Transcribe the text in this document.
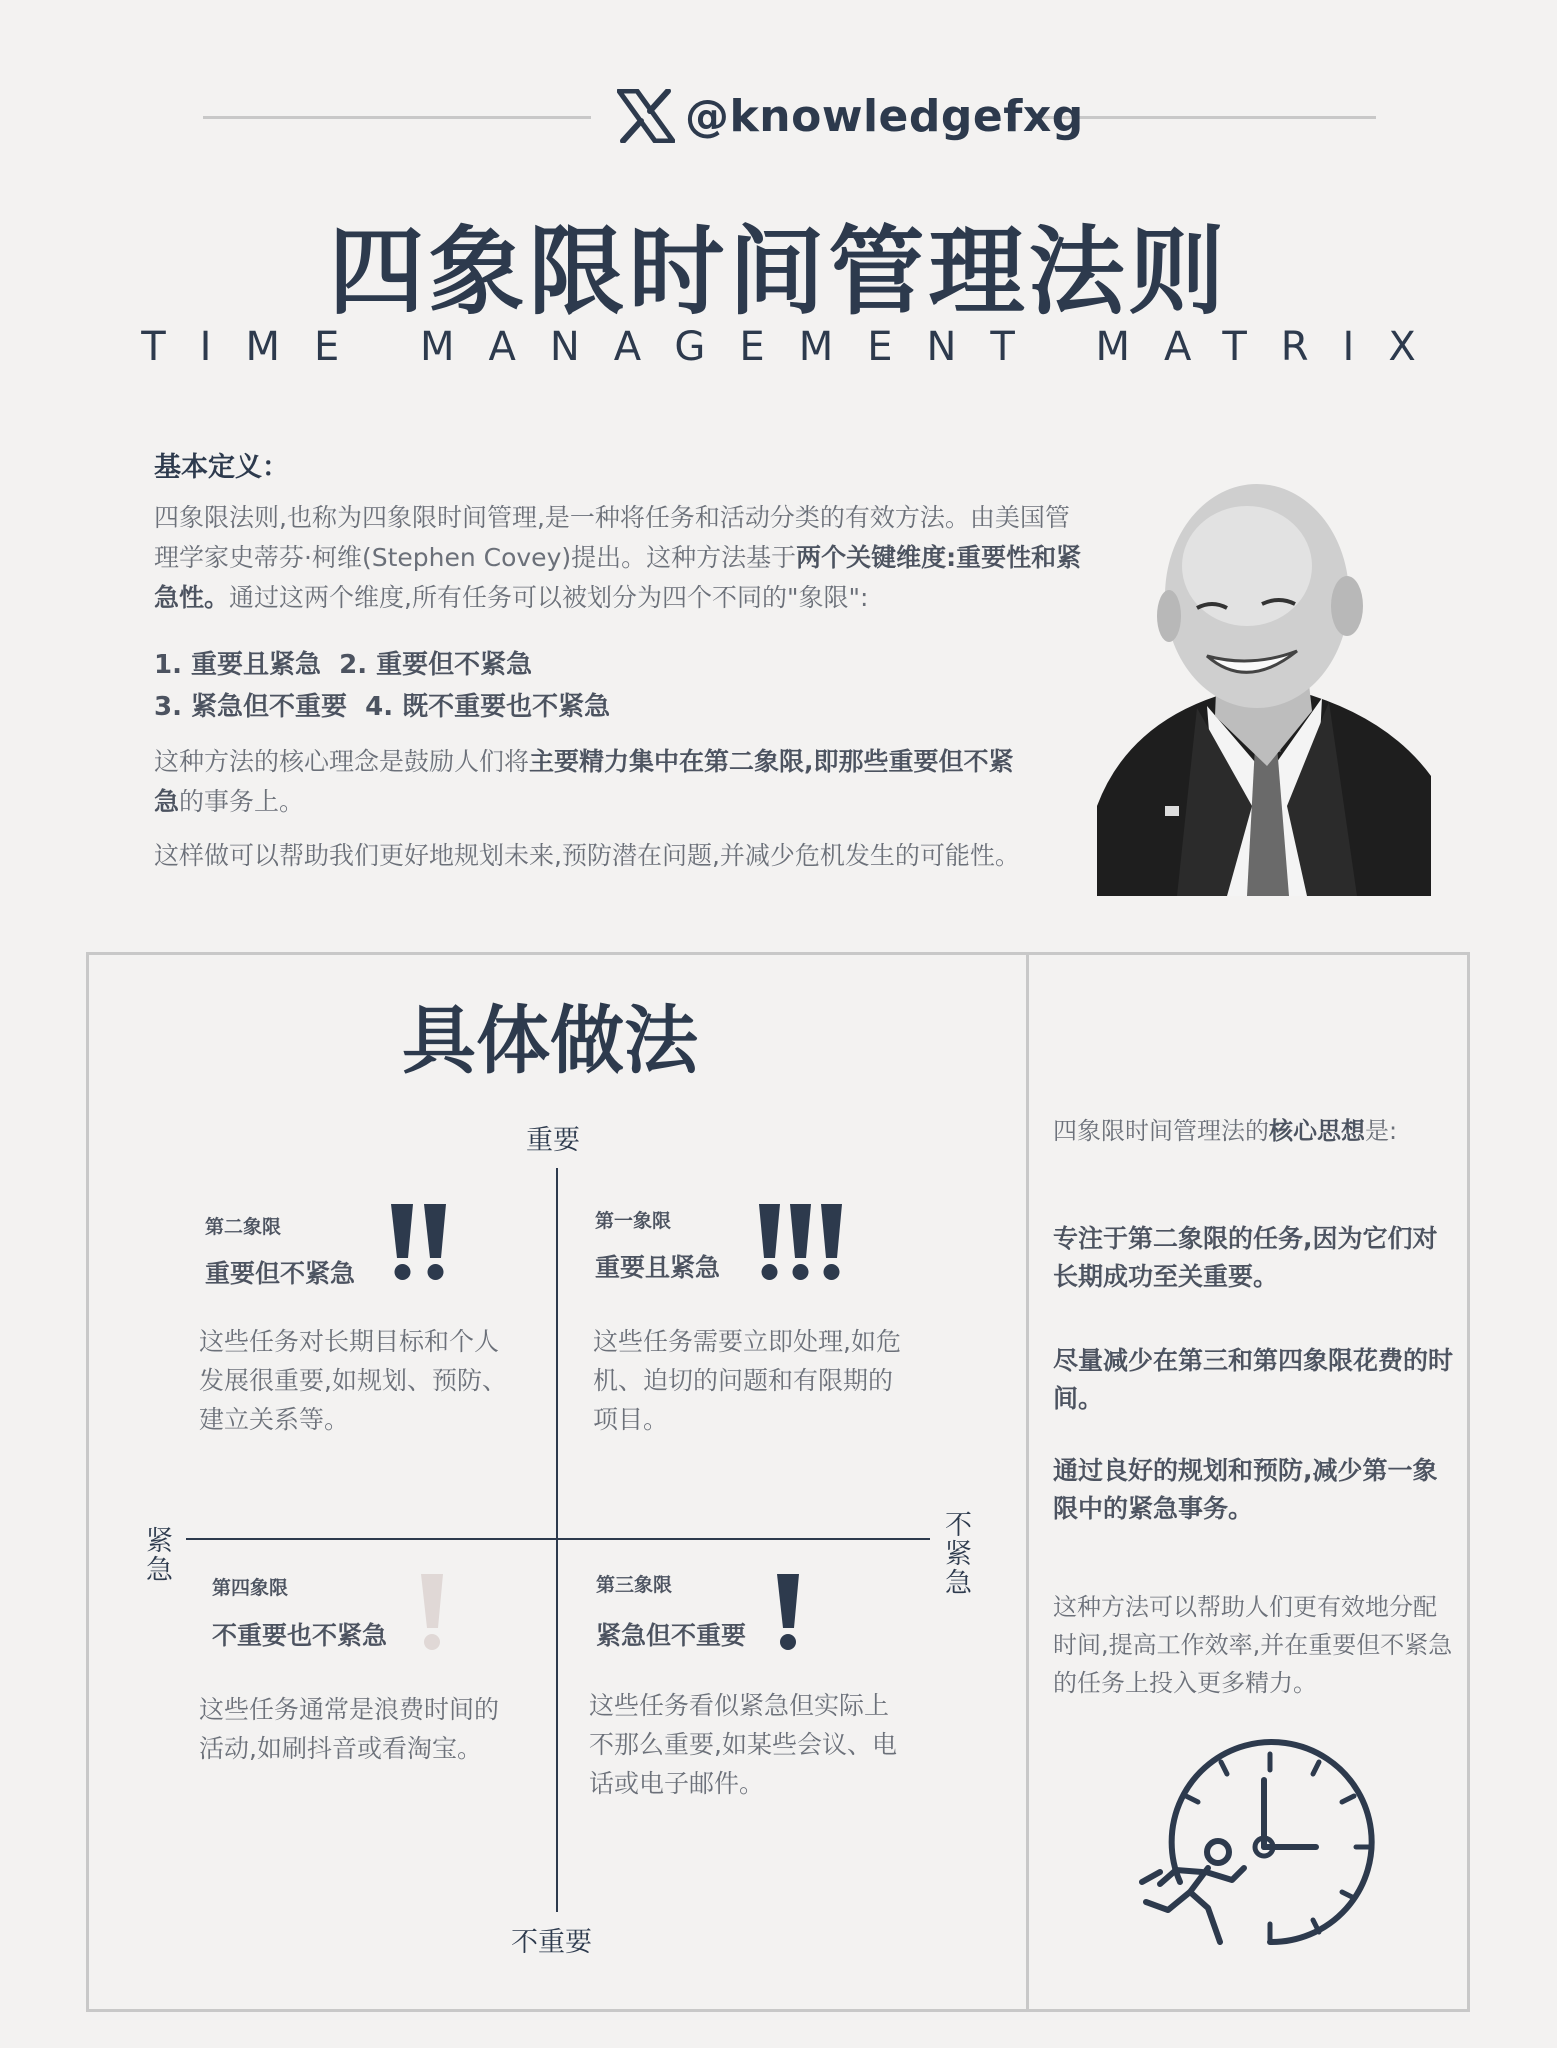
@knowledgefxg
四象限时间管理法则
TIME MANAGEMENT MATRIX
基本定义：

四象限法则,也称为四象限时间管理,是一种将任务和活动分类的有效方法。由美国管理学家史蒂芬·柯维(Stephen Covey)提出。这种方法基于两个关键维度:重要性和紧急性。通过这两个维度,所有任务可以被划分为四个不同的"象限":

1. 重要且紧急  2. 重要但不紧急
3. 紧急但不重要  4. 既不重要也不紧急

这种方法的核心理念是鼓励人们将主要精力集中在第二象限,即那些重要但不紧急的事务上。

这样做可以帮助我们更好地规划未来,预防潜在问题,并减少危机发生的可能性。

具体做法
重要
不重要
紧急	不紧急
第二象限
重要但不紧急
这些任务对长期目标和个人发展很重要,如规划、预防、建立关系等。
第一象限
重要且紧急
这些任务需要立即处理,如危机、迫切的问题和有限期的项目。
第四象限
不重要也不紧急
这些任务通常是浪费时间的活动,如刷抖音或看淘宝。
第三象限
紧急但不重要
这些任务看似紧急但实际上不那么重要,如某些会议、电话或电子邮件。
四象限时间管理法的核心思想是:
专注于第二象限的任务,因为它们对长期成功至关重要。
尽量减少在第三和第四象限花费的时间。
通过良好的规划和预防,减少第一象限中的紧急事务。
这种方法可以帮助人们更有效地分配时间,提高工作效率,并在重要但不紧急的任务上投入更多精力。
